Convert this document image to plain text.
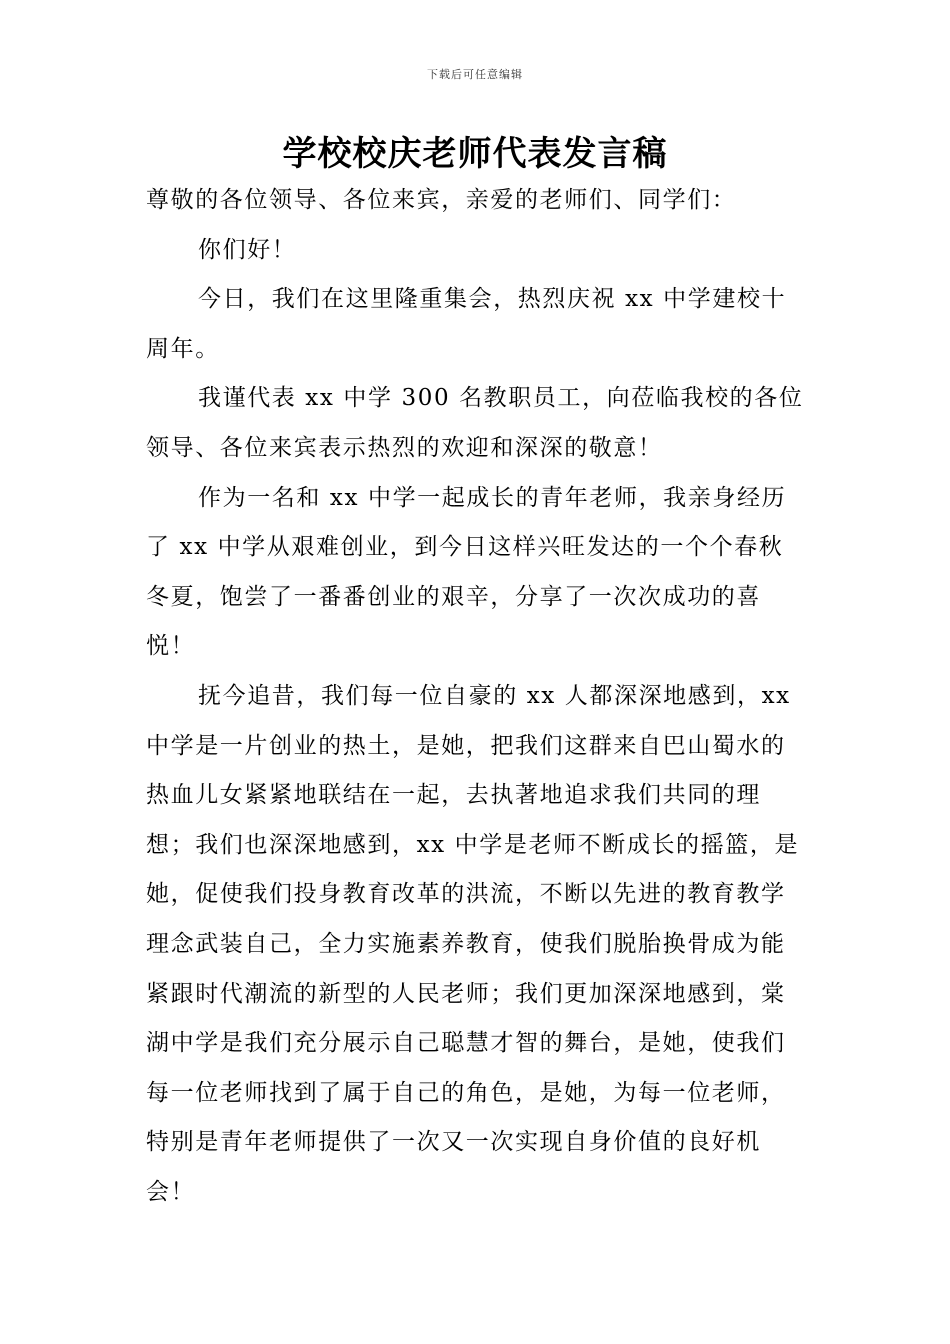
下载后可任意编辑
学校校庆老师代表发言稿

尊敬的各位领导、各位来宾，亲爱的老师们、同学们：

你们好！

今日，我们在这里隆重集会，热烈庆祝 xx 中学建校十周年。

我谨代表 xx 中学 300 名教职员工，向莅临我校的各位领导、各位来宾表示热烈的欢迎和深深的敬意！

作为一名和 xx 中学一起成长的青年老师，我亲身经历了 xx 中学从艰难创业，到今日这样兴旺发达的一个个春秋冬夏，饱尝了一番番创业的艰辛，分享了一次次成功的喜悦！

抚今追昔，我们每一位自豪的 xx 人都深深地感到，xx 中学是一片创业的热土，是她，把我们这群来自巴山蜀水的热血儿女紧紧地联结在一起，去执著地追求我们共同的理想；我们也深深地感到，xx 中学是老师不断成长的摇篮，是她，促使我们投身教育改革的洪流，不断以先进的教育教学理念武装自己，全力实施素养教育，使我们脱胎换骨成为能紧跟时代潮流的新型的人民老师；我们更加深深地感到，棠湖中学是我们充分展示自己聪慧才智的舞台，是她，使我们每一位老师找到了属于自己的角色，是她，为每一位老师，特别是青年老师提供了一次又一次实现自身价值的良好机会！
